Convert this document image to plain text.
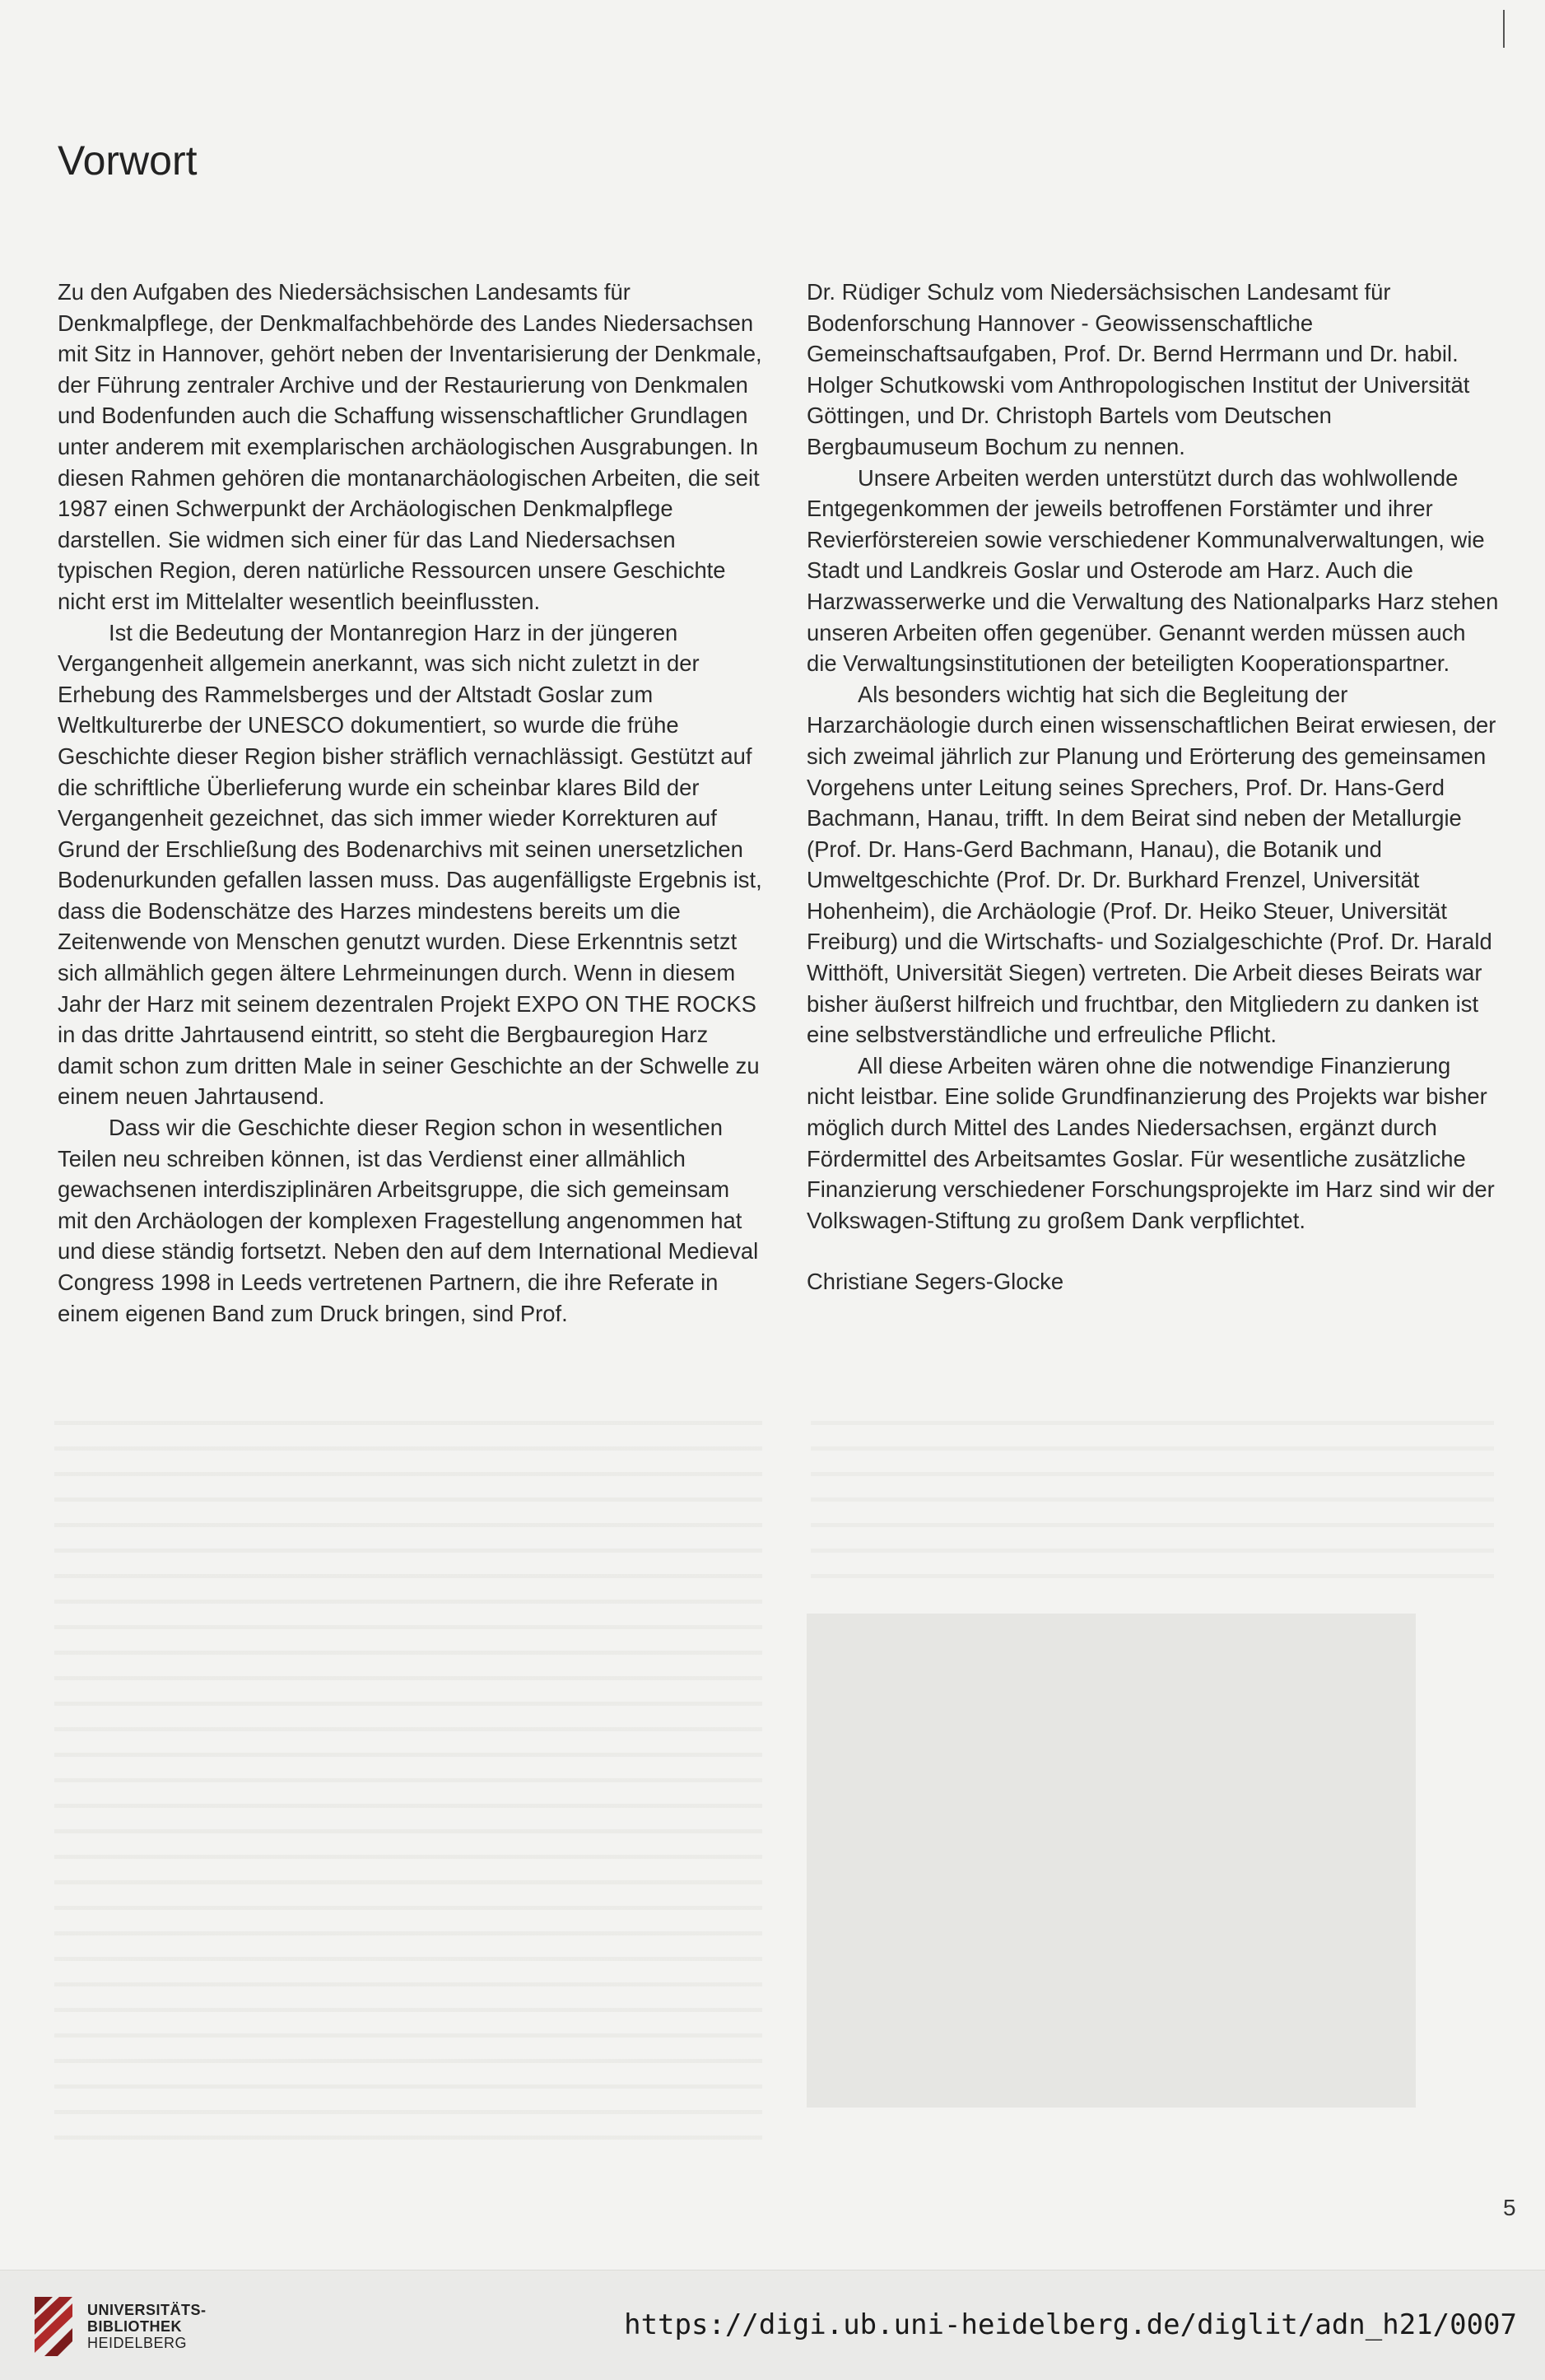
Vorwort

Zu den Aufgaben des Niedersächsischen Landesamts für Denkmalpflege, der Denkmalfachbehörde des Landes Niedersachsen mit Sitz in Hannover, gehört neben der Inventarisierung der Denkmale, der Führung zentraler Archive und der Restaurierung von Denkmalen und Bodenfunden auch die Schaffung wissenschaftlicher Grundlagen unter anderem mit exemplarischen archäologischen Ausgrabungen. In diesen Rahmen gehören die montanarchäologischen Arbeiten, die seit 1987 einen Schwerpunkt der Archäologischen Denkmalpflege darstellen. Sie widmen sich einer für das Land Niedersachsen typischen Region, deren natürliche Ressourcen unsere Geschichte nicht erst im Mittelalter wesentlich beeinflussten.

Ist die Bedeutung der Montanregion Harz in der jüngeren Vergangenheit allgemein anerkannt, was sich nicht zuletzt in der Erhebung des Rammelsberges und der Altstadt Goslar zum Weltkulturerbe der UNESCO dokumentiert, so wurde die frühe Geschichte dieser Region bisher sträflich vernachlässigt. Gestützt auf die schriftliche Überlieferung wurde ein scheinbar klares Bild der Vergangenheit gezeichnet, das sich immer wieder Korrekturen auf Grund der Erschließung des Bodenarchivs mit seinen unersetzlichen Bodenurkunden gefallen lassen muss. Das augenfälligste Ergebnis ist, dass die Bodenschätze des Harzes mindestens bereits um die Zeitenwende von Menschen genutzt wurden. Diese Erkenntnis setzt sich allmählich gegen ältere Lehrmeinungen durch. Wenn in diesem Jahr der Harz mit seinem dezentralen Projekt EXPO ON THE ROCKS in das dritte Jahrtausend eintritt, so steht die Bergbauregion Harz damit schon zum dritten Male in seiner Geschichte an der Schwelle zu einem neuen Jahrtausend.

Dass wir die Geschichte dieser Region schon in wesentlichen Teilen neu schreiben können, ist das Verdienst einer allmählich gewachsenen interdisziplinären Arbeitsgruppe, die sich gemeinsam mit den Archäologen der komplexen Fragestellung angenommen hat und diese ständig fortsetzt. Neben den auf dem International Medieval Congress 1998 in Leeds vertretenen Partnern, die ihre Referate in einem eigenen Band zum Druck bringen, sind Prof.

Dr. Rüdiger Schulz vom Niedersächsischen Landesamt für Bodenforschung Hannover - Geowissenschaftliche Gemeinschaftsaufgaben, Prof. Dr. Bernd Herrmann und Dr. habil. Holger Schutkowski vom Anthropologischen Institut der Universität Göttingen, und Dr. Christoph Bartels vom Deutschen Bergbaumuseum Bochum zu nennen.

Unsere Arbeiten werden unterstützt durch das wohlwollende Entgegenkommen der jeweils betroffenen Forstämter und ihrer Revierförstereien sowie verschiedener Kommunalverwaltungen, wie Stadt und Landkreis Goslar und Osterode am Harz. Auch die Harzwasserwerke und die Verwaltung des Nationalparks Harz stehen unseren Arbeiten offen gegenüber. Genannt werden müssen auch die Verwaltungsinstitutionen der beteiligten Kooperationspartner.

Als besonders wichtig hat sich die Begleitung der Harzarchäologie durch einen wissenschaftlichen Beirat erwiesen, der sich zweimal jährlich zur Planung und Erörterung des gemeinsamen Vorgehens unter Leitung seines Sprechers, Prof. Dr. Hans-Gerd Bachmann, Hanau, trifft. In dem Beirat sind neben der Metallurgie (Prof. Dr. Hans-Gerd Bachmann, Hanau), die Botanik und Umweltgeschichte (Prof. Dr. Dr. Burkhard Frenzel, Universität Hohenheim), die Archäologie (Prof. Dr. Heiko Steuer, Universität Freiburg) und die Wirtschafts- und Sozialgeschichte (Prof. Dr. Harald Witthöft, Universität Siegen) vertreten. Die Arbeit dieses Beirats war bisher äußerst hilfreich und fruchtbar, den Mitgliedern zu danken ist eine selbstverständliche und erfreuliche Pflicht.

All diese Arbeiten wären ohne die notwendige Finanzierung nicht leistbar. Eine solide Grundfinanzierung des Projekts war bisher möglich durch Mittel des Landes Niedersachsen, ergänzt durch Fördermittel des Arbeitsamtes Goslar. Für wesentliche zusätzliche Finanzierung verschiedener Forschungsprojekte im Harz sind wir der Volkswagen-Stiftung zu großem Dank verpflichtet.

Christiane Segers-Glocke

5
UNIVERSITÄTS-
BIBLIOTHEK
HEIDELBERG
https://digi.ub.uni-heidelberg.de/diglit/adn_h21/0007
